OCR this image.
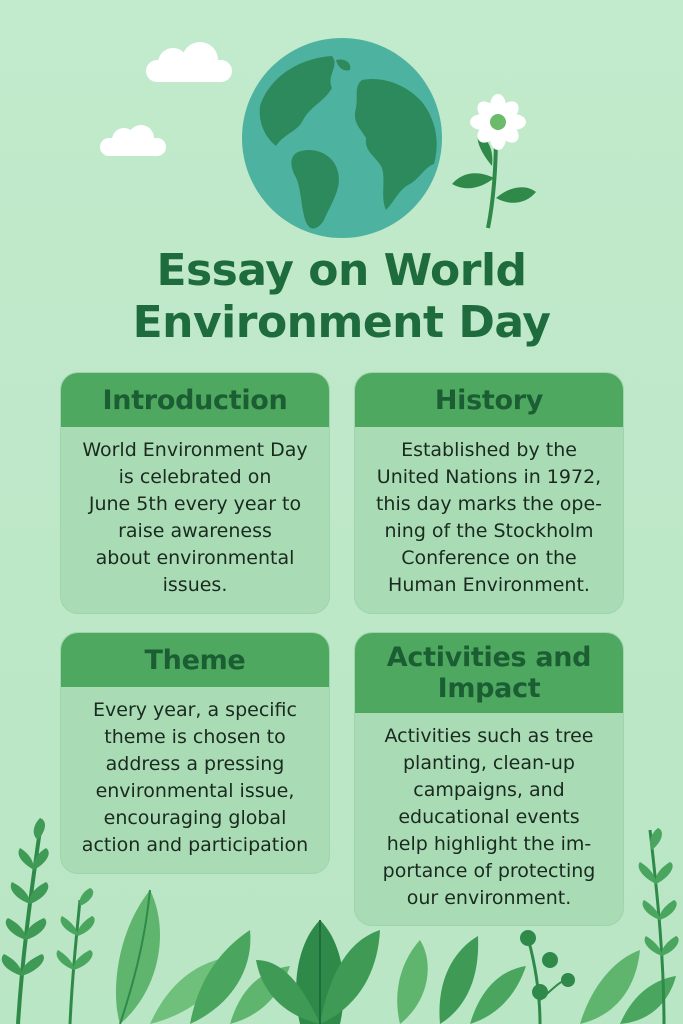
Essay on World
Environment Day
Introduction
World Environment Day
is celebrated on
June 5th every year to
raise awareness
about environmental
issues.
History
Established by the
United Nations in 1972,
this day marks the ope-
ning of the Stockholm
Conference on the
Human Environment.
Theme
Every year, a specific
theme is chosen to
address a pressing
environmental issue,
encouraging global
action and participation
Activities and
Impact
Activities such as tree
planting, clean-up
campaigns, and
educational events
help highlight the im-
portance of protecting
our environment.
